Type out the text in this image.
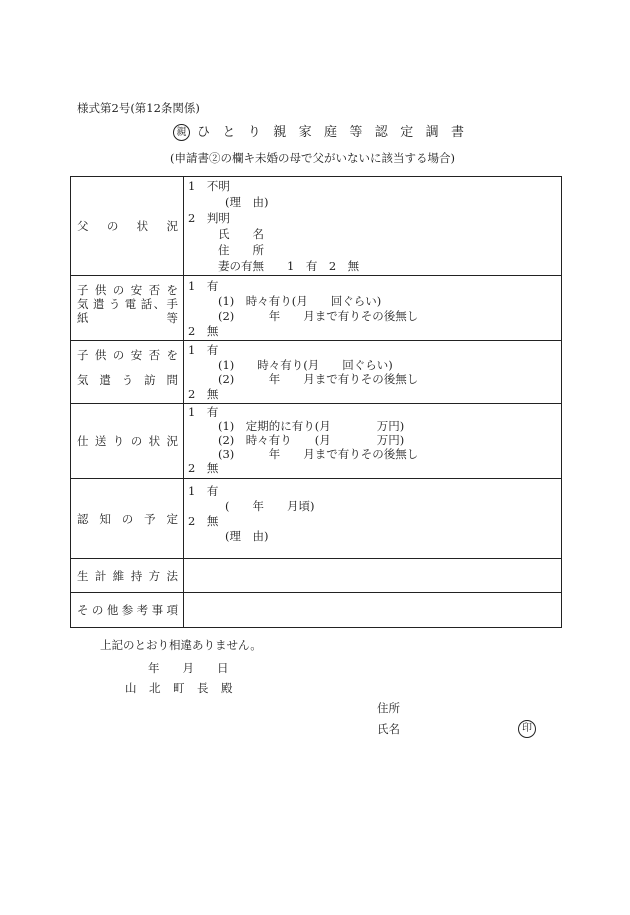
様式第2号(第12条関係)
親 ひ と り 親 家 庭 等 認 定 調 書
(申請書②の欄キ未婚の母で父がいないに該当する場合)
父 の 状 況
1　不明
(理　由)
2　判明
氏　　名
住　　所
妻の有無　　1　有　2　無
子 供 の 安 否 を
気 遣 う 電 話、手
紙 等
1　有
(1)　時々有り(月　　回ぐらい)
(2)　　　年　　月まで有りその後無し
2　無
子 供 の 安 否 を
気 遣 う 訪 問
1　有
(1)　　時々有り(月　　回ぐらい)
(2)　　　年　　月まで有りその後無し
2　無
仕 送 り の 状 況
1　有
(1)　定期的に有り(月　　　　万円)
(2)　時々有り　　(月　　　　万円)
(3)　　　年　　月まで有りその後無し
2　無
認 知 の 予 定
1　有
(　　年　　月頃)
2　無
(理　由)
生 計 維 持 方 法
そ の 他 参 考 事 項
上記のとおり相違ありません。
年　　月　　日
山　北　町　長　殿
住所
氏名	印
